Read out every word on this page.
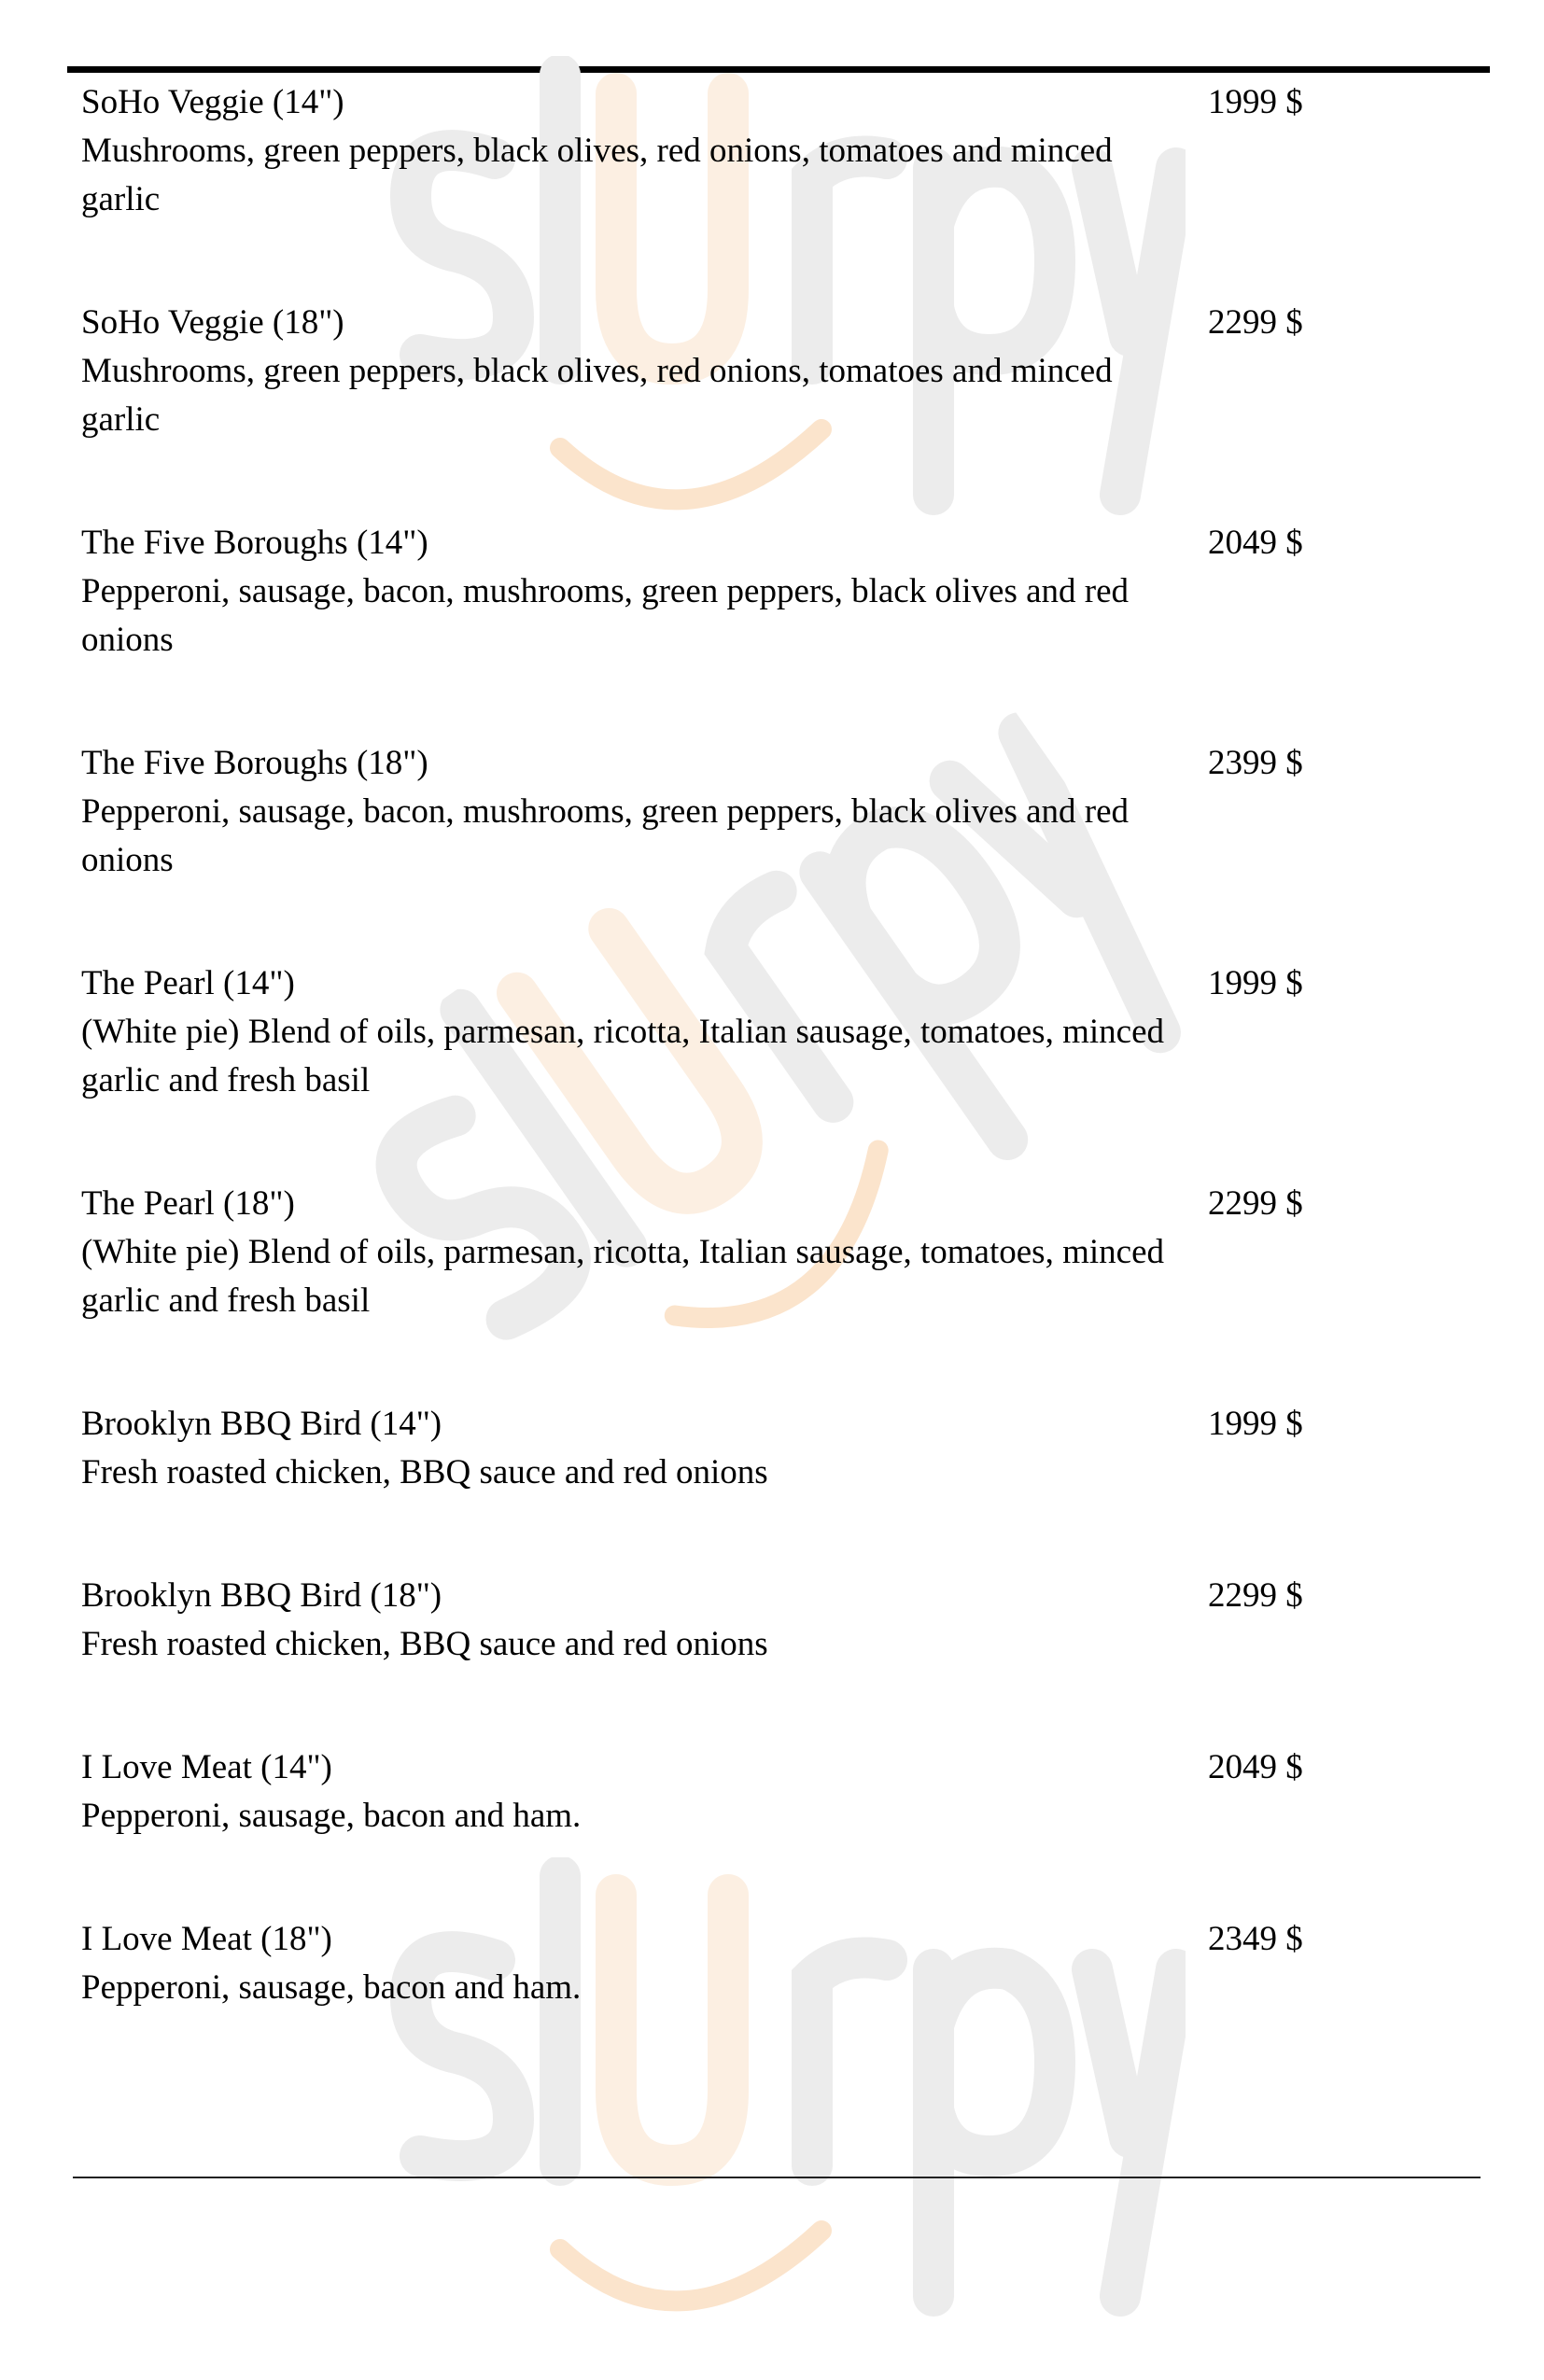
SoHo Veggie (14")
Mushrooms, green peppers, black olives, red onions, tomatoes and minced garlic
1999 $
SoHo Veggie (18")
Mushrooms, green peppers, black olives, red onions, tomatoes and minced garlic
2299 $
The Five Boroughs (14")
Pepperoni, sausage, bacon, mushrooms, green peppers, black olives and red onions
2049 $
The Five Boroughs (18")
Pepperoni, sausage, bacon, mushrooms, green peppers, black olives and red onions
2399 $
The Pearl (14")
(White pie) Blend of oils, parmesan, ricotta, Italian sausage, tomatoes, minced garlic and fresh basil
1999 $
The Pearl (18")
(White pie) Blend of oils, parmesan, ricotta, Italian sausage, tomatoes, minced garlic and fresh basil
2299 $
Brooklyn BBQ Bird (14")
Fresh roasted chicken, BBQ sauce and red onions
1999 $
Brooklyn BBQ Bird (18")
Fresh roasted chicken, BBQ sauce and red onions
2299 $
I Love Meat (14")
Pepperoni, sausage, bacon and ham.
2049 $
I Love Meat (18")
Pepperoni, sausage, bacon and ham.
2349 $
